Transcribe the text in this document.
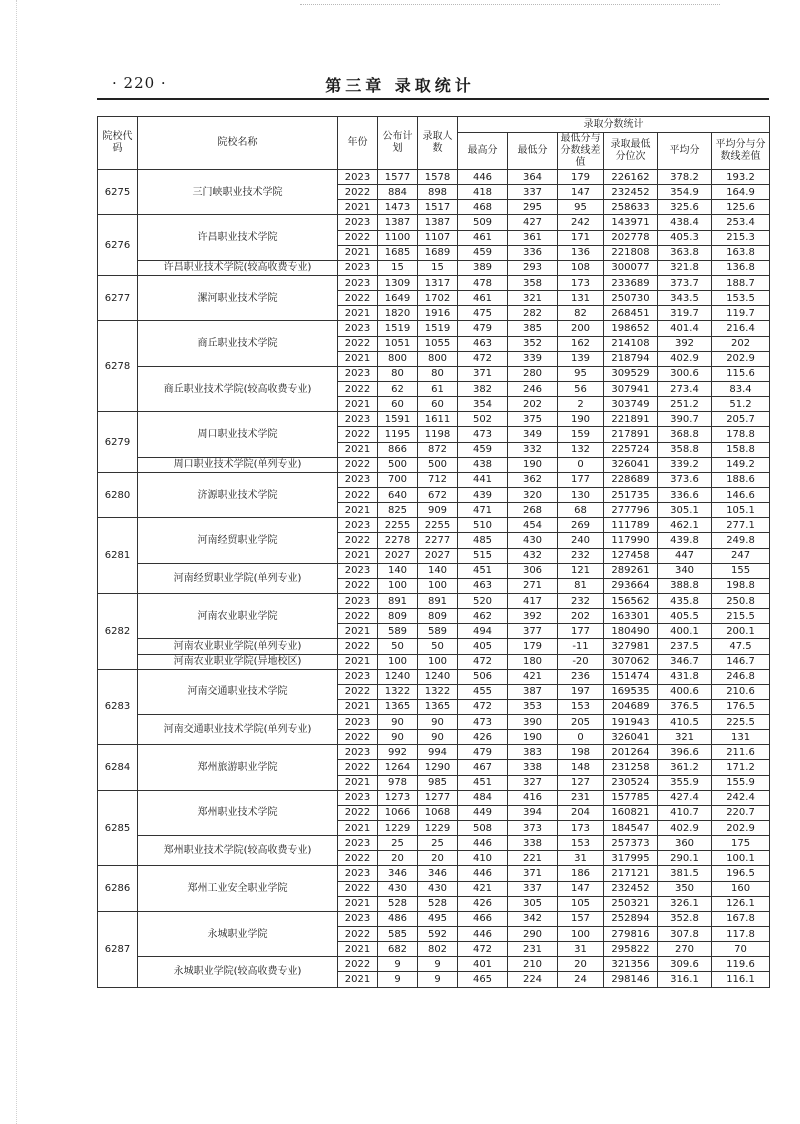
· 220 ·	第三章 录取统计
院校代码	院校名称	年份	公布计划	录取人数	录取分数统计					
					最高分	最低分	最低分与分数线差值	录取最低分位次	平均分	平均分与分数线差值
6275	三门峡职业技术学院	2023	1577	1578	446	364	179	226162	378.2	193.2
		2022	884	898	418	337	147	232452	354.9	164.9
		2021	1473	1517	468	295	95	258633	325.6	125.6
6276	许昌职业技术学院	2023	1387	1387	509	427	242	143971	438.4	253.4
		2022	1100	1107	461	361	171	202778	405.3	215.3
		2021	1685	1689	459	336	136	221808	363.8	163.8
	许昌职业技术学院(较高收费专业)	2023	15	15	389	293	108	300077	321.8	136.8
6277	漯河职业技术学院	2023	1309	1317	478	358	173	233689	373.7	188.7
		2022	1649	1702	461	321	131	250730	343.5	153.5
		2021	1820	1916	475	282	82	268451	319.7	119.7
6278	商丘职业技术学院	2023	1519	1519	479	385	200	198652	401.4	216.4
		2022	1051	1055	463	352	162	214108	392	202
		2021	800	800	472	339	139	218794	402.9	202.9
	商丘职业技术学院(较高收费专业)	2023	80	80	371	280	95	309529	300.6	115.6
		2022	62	61	382	246	56	307941	273.4	83.4
		2021	60	60	354	202	2	303749	251.2	51.2
6279	周口职业技术学院	2023	1591	1611	502	375	190	221891	390.7	205.7
		2022	1195	1198	473	349	159	217891	368.8	178.8
		2021	866	872	459	332	132	225724	358.8	158.8
	周口职业技术学院(单列专业)	2022	500	500	438	190	0	326041	339.2	149.2
6280	济源职业技术学院	2023	700	712	441	362	177	228689	373.6	188.6
		2022	640	672	439	320	130	251735	336.6	146.6
		2021	825	909	471	268	68	277796	305.1	105.1
6281	河南经贸职业学院	2023	2255	2255	510	454	269	111789	462.1	277.1
		2022	2278	2277	485	430	240	117990	439.8	249.8
		2021	2027	2027	515	432	232	127458	447	247
	河南经贸职业学院(单列专业)	2023	140	140	451	306	121	289261	340	155
		2022	100	100	463	271	81	293664	388.8	198.8
6282	河南农业职业学院	2023	891	891	520	417	232	156562	435.8	250.8
		2022	809	809	462	392	202	163301	405.5	215.5
		2021	589	589	494	377	177	180490	400.1	200.1
	河南农业职业学院(单列专业)	2022	50	50	405	179	-11	327981	237.5	47.5
	河南农业职业学院(异地校区)	2021	100	100	472	180	-20	307062	346.7	146.7
6283	河南交通职业技术学院	2023	1240	1240	506	421	236	151474	431.8	246.8
		2022	1322	1322	455	387	197	169535	400.6	210.6
		2021	1365	1365	472	353	153	204689	376.5	176.5
	河南交通职业技术学院(单列专业)	2023	90	90	473	390	205	191943	410.5	225.5
		2022	90	90	426	190	0	326041	321	131
6284	郑州旅游职业学院	2023	992	994	479	383	198	201264	396.6	211.6
		2022	1264	1290	467	338	148	231258	361.2	171.2
		2021	978	985	451	327	127	230524	355.9	155.9
6285	郑州职业技术学院	2023	1273	1277	484	416	231	157785	427.4	242.4
		2022	1066	1068	449	394	204	160821	410.7	220.7
		2021	1229	1229	508	373	173	184547	402.9	202.9
	郑州职业技术学院(较高收费专业)	2023	25	25	446	338	153	257373	360	175
		2022	20	20	410	221	31	317995	290.1	100.1
6286	郑州工业安全职业学院	2023	346	346	446	371	186	217121	381.5	196.5
		2022	430	430	421	337	147	232452	350	160
		2021	528	528	426	305	105	250321	326.1	126.1
6287	永城职业学院	2023	486	495	466	342	157	252894	352.8	167.8
		2022	585	592	446	290	100	279816	307.8	117.8
		2021	682	802	472	231	31	295822	270	70
	永城职业学院(较高收费专业)	2022	9	9	401	210	20	321356	309.6	119.6
		2021	9	9	465	224	24	298146	316.1	116.1
